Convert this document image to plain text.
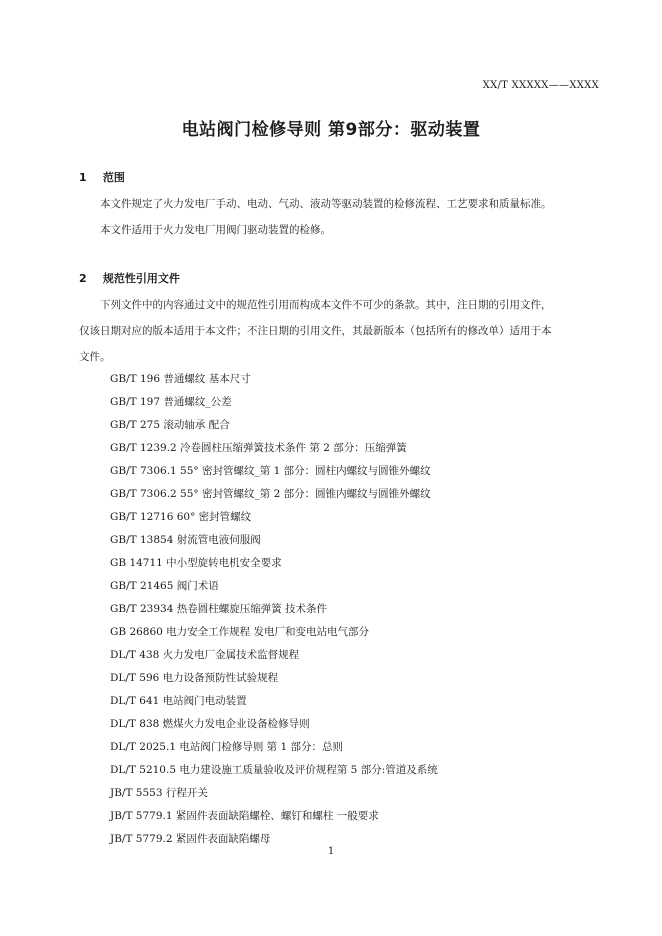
XX/T XXXXX——XXXX
电站阀门检修导则 第9部分：驱动装置
1 范围
本文件规定了火力发电厂手动、电动、气动、液动等驱动装置的检修流程、工艺要求和质量标准。
本文件适用于火力发电厂用阀门驱动装置的检修。
2 规范性引用文件
下列文件中的内容通过文中的规范性引用而构成本文件不可少的条款。其中，注日期的引用文件，
仅该日期对应的版本适用于本文件；不注日期的引用文件，其最新版本（包括所有的修改单）适用于本
文件。
GB/T 196 普通螺纹 基本尺寸
GB/T 197 普通螺纹_公差
GB/T 275 滚动轴承 配合
GB/T 1239.2 冷卷圆柱压缩弹簧技术条件 第 2 部分：压缩弹簧
GB/T 7306.1 55° 密封管螺纹_第 1 部分：圆柱内螺纹与圆锥外螺纹
GB/T 7306.2 55° 密封管螺纹_第 2 部分：圆锥内螺纹与圆锥外螺纹
GB/T 12716 60° 密封管螺纹
GB/T 13854 射流管电液伺服阀
GB 14711 中小型旋转电机安全要求
GB/T 21465 阀门术语
GB/T 23934 热卷圆柱螺旋压缩弹簧 技术条件
GB 26860 电力安全工作规程 发电厂和变电站电气部分
DL/T 438 火力发电厂金属技术监督规程
DL/T 596 电力设备预防性试验规程
DL/T 641 电站阀门电动装置
DL/T 838 燃煤火力发电企业设备检修导则
DL/T 2025.1 电站阀门检修导则 第 1 部分：总则
DL/T 5210.5 电力建设施工质量验收及评价规程第 5 部分:管道及系统
JB/T 5553 行程开关
JB/T 5779.1 紧固件表面缺陷螺栓、螺钉和螺柱 一般要求
JB/T 5779.2 紧固件表面缺陷螺母
1
